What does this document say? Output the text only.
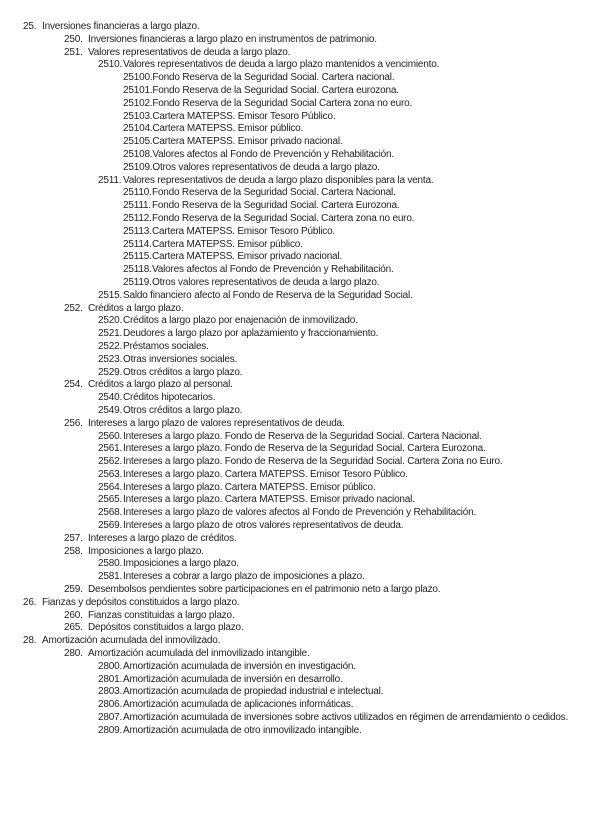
25. Inversiones financieras a largo plazo.
250. Inversiones financieras a largo plazo en instrumentos de patrimonio.
251. Valores representativos de deuda a largo plazo.
2510. Valores representativos de deuda a largo plazo mantenidos a vencimiento.
25100. Fondo Reserva de la Seguridad Social. Cartera nacional.
25101. Fondo Reserva de la Seguridad Social. Cartera eurozona.
25102. Fondo Reserva de la Seguridad Social Cartera zona no euro.
25103. Cartera MATEPSS. Emisor Tesoro Público.
25104. Cartera MATEPSS. Emisor público.
25105. Cartera MATEPSS. Emisor privado nacional.
25108. Valores afectos al Fondo de Prevención y Rehabilitación.
25109. Otros valores representativos de deuda a largo plazo.
2511. Valores representativos de deuda a largo plazo disponibles para la venta.
25110. Fondo Reserva de la Seguridad Social. Cartera Nacional.
25111. Fondo Reserva de la Seguridad Social. Cartera Eurozona.
25112. Fondo Reserva de la Seguridad Social. Cartera zona no euro.
25113. Cartera MATEPSS. Emisor Tesoro Público.
25114. Cartera MATEPSS. Emisor público.
25115. Cartera MATEPSS. Emisor privado nacional.
25118. Valores afectos al Fondo de Prevención y Rehabilitación.
25119. Otros valores representativos de deuda a largo plazo.
2515. Saldo financiero afecto al Fondo de Reserva de la Seguridad Social.
252. Créditos a largo plazo.
2520. Créditos a largo plazo por enajenación de inmovilizado.
2521. Deudores a largo plazo por aplazamiento y fraccionamiento.
2522. Préstamos sociales.
2523. Otras inversiones sociales.
2529. Otros créditos a largo plazo.
254. Créditos a largo plazo al personal.
2540. Créditos hipotecarios.
2549. Otros créditos a largo plazo.
256. Intereses a largo plazo de valores representativos de deuda.
2560. Intereses a largo plazo. Fondo de Reserva de la Seguridad Social. Cartera Nacional.
2561. Intereses a largo plazo. Fondo de Reserva de la Seguridad Social. Cartera Eurozona.
2562. Intereses a largo plazo. Fondo de Reserva de la Seguridad Social. Cartera Zona no Euro.
2563. Intereses a largo plazo. Cartera MATEPSS. Emisor Tesoro Público.
2564. Intereses a largo plazo. Cartera MATEPSS. Emisor público.
2565. Intereses a largo plazo. Cartera MATEPSS. Emisor privado nacional.
2568. Intereses a largo plazo de valores afectos al Fondo de Prevención y Rehabilitación.
2569. Intereses a largo plazo de otros valores representativos de deuda.
257. Intereses a largo plazo de créditos.
258. Imposiciones a largo plazo.
2580. Imposiciones a largo plazo.
2581. Intereses a cobrar a largo plazo de imposiciones a plazo.
259. Desembolsos pendientes sobre participaciones en el patrimonio neto a largo plazo.
26. Fianzas y depósitos constituidos a largo plazo.
260. Fianzas constituidas a largo plazo.
265. Depósitos constituidos a largo plazo.
28. Amortización acumulada del inmovilizado.
280. Amortización acumulada del inmovilizado intangible.
2800. Amortización acumulada de inversión en investigación.
2801. Amortización acumulada de inversión en desarrollo.
2803. Amortización acumulada de propiedad industrial e intelectual.
2806. Amortización acumulada de aplicaciones informáticas.
2807. Amortización acumulada de inversiones sobre activos utilizados en régimen de arrendamiento o cedidos.
2809. Amortización acumulada de otro inmovilizado intangible.
